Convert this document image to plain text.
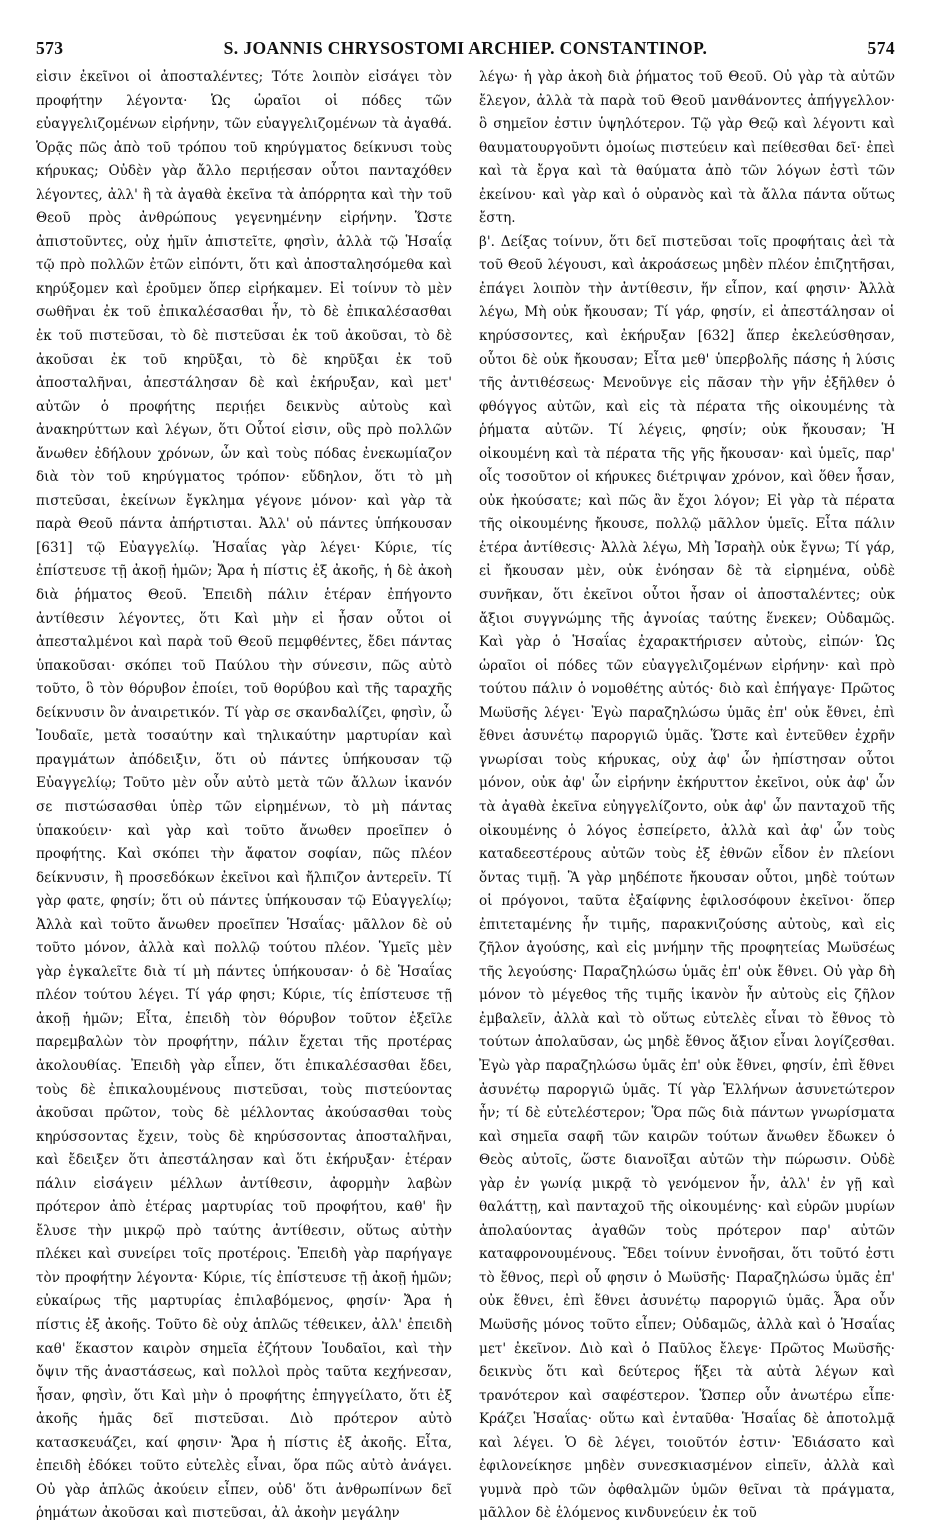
573	S. JOANNIS CHRYSOSTOMI ARCHIEP. CONSTANTINOP.	574

εἰσιν ἐκεῖνοι οἱ ἀποσταλέντες; Τότε λοιπὸν εἰσάγει τὸν προφήτην λέγοντα· Ὡς ὡραῖοι οἱ πόδες τῶν εὐαγγελιζομένων εἰρήνην, τῶν εὐαγγελιζομένων τὰ ἀγαθά. Ὁρᾷς πῶς ἀπὸ τοῦ τρόπου τοῦ κηρύγματος δείκνυσι τοὺς κήρυκας; Οὐδὲν γὰρ ἄλλο περιῄεσαν οὗτοι πανταχόθεν λέγοντες, ἀλλ' ἢ τὰ ἀγαθὰ ἐκεῖνα τὰ ἀπόρρητα καὶ τὴν τοῦ Θεοῦ πρὸς ἀνθρώπους γεγενημένην εἰρήνην. Ὥστε ἀπιστοῦντες, οὐχ ἡμῖν ἀπιστεῖτε, φησὶν, ἀλλὰ τῷ Ἡσαΐᾳ τῷ πρὸ πολλῶν ἐτῶν εἰπόντι, ὅτι καὶ ἀποσταλησόμεθα καὶ κηρύξομεν καὶ ἐροῦμεν ὅπερ εἰρήκαμεν. Εἰ τοίνυν τὸ μὲν σωθῆναι ἐκ τοῦ ἐπικαλέσασθαι ἦν, τὸ δὲ ἐπικαλέσασθαι ἐκ τοῦ πιστεῦσαι, τὸ δὲ πιστεῦσαι ἐκ τοῦ ἀκοῦσαι, τὸ δὲ ἀκοῦσαι ἐκ τοῦ κηρῦξαι, τὸ δὲ κηρῦξαι ἐκ τοῦ ἀποσταλῆναι, ἀπεστάλησαν δὲ καὶ ἐκήρυξαν, καὶ μετ' αὐτῶν ὁ προφήτης περιῄει δεικνὺς αὐτοὺς καὶ ἀνακηρύττων καὶ λέγων, ὅτι Οὗτοί εἰσιν, οὓς πρὸ πολλῶν ἄνωθεν ἐδήλουν χρόνων, ὧν καὶ τοὺς πόδας ἐνεκωμίαζον διὰ τὸν τοῦ κηρύγματος τρόπον· εὔδηλον, ὅτι τὸ μὴ πιστεῦσαι, ἐκείνων ἔγκλημα γέγονε μόνον· καὶ γὰρ τὰ παρὰ Θεοῦ πάντα ἀπήρτισται. Ἀλλ' οὐ πάντες ὑπήκουσαν [631] τῷ Εὐαγγελίῳ. Ἡσαΐας γὰρ λέγει· Κύριε, τίς ἐπίστευσε τῇ ἀκοῇ ἡμῶν; Ἄρα ἡ πίστις ἐξ ἀκοῆς, ἡ δὲ ἀκοὴ διὰ ῥήματος Θεοῦ. Ἐπειδὴ πάλιν ἑτέραν ἐπήγοντο ἀντίθεσιν λέγοντες, ὅτι Καὶ μὴν εἰ ἦσαν οὗτοι οἱ ἀπεσταλμένοι καὶ παρὰ τοῦ Θεοῦ πεμφθέντες, ἔδει πάντας ὑπακοῦσαι· σκόπει τοῦ Παύλου τὴν σύνεσιν, πῶς αὐτὸ τοῦτο, ὃ τὸν θόρυβον ἐποίει, τοῦ θορύβου καὶ τῆς ταραχῆς δείκνυσιν ὂν ἀναιρετικόν. Τί γὰρ σε σκανδαλίζει, φησὶν, ὦ Ἰουδαῖε, μετὰ τοσαύτην καὶ τηλικαύτην μαρτυρίαν καὶ πραγμάτων ἀπόδειξιν, ὅτι οὐ πάντες ὑπήκουσαν τῷ Εὐαγγελίῳ; Τοῦτο μὲν οὖν αὐτὸ μετὰ τῶν ἄλλων ἱκανόν σε πιστώσασθαι ὑπὲρ τῶν εἰρημένων, τὸ μὴ πάντας ὑπακούειν· καὶ γὰρ καὶ τοῦτο ἄνωθεν προεῖπεν ὁ προφήτης. Καὶ σκόπει τὴν ἄφατον σοφίαν, πῶς πλέον δείκνυσιν, ἢ προσεδόκων ἐκεῖνοι καὶ ἤλπιζον ἀντερεῖν. Τί γὰρ φατε, φησίν; ὅτι οὐ πάντες ὑπήκουσαν τῷ Εὐαγγελίῳ; Ἀλλὰ καὶ τοῦτο ἄνωθεν προεῖπεν Ἡσαΐας· μᾶλλον δὲ οὐ τοῦτο μόνον, ἀλλὰ καὶ πολλῷ τούτου πλέον. Ὑμεῖς μὲν γὰρ ἐγκαλεῖτε διὰ τί μὴ πάντες ὑπήκουσαν· ὁ δὲ Ἡσαΐας πλέον τούτου λέγει. Τί γάρ φησι; Κύριε, τίς ἐπίστευσε τῇ ἀκοῇ ἡμῶν; Εἶτα, ἐπειδὴ τὸν θόρυβον τοῦτον ἐξεῖλε παρεμβαλὼν τὸν προφήτην, πάλιν ἔχεται τῆς προτέρας ἀκολουθίας. Ἐπειδὴ γὰρ εἶπεν, ὅτι ἐπικαλέσασθαι ἔδει, τοὺς δὲ ἐπικαλουμένους πιστεῦσαι, τοὺς πιστεύοντας ἀκοῦσαι πρῶτον, τοὺς δὲ μέλλοντας ἀκούσασθαι τοὺς κηρύσσοντας ἔχειν, τοὺς δὲ κηρύσσοντας ἀποσταλῆναι, καὶ ἔδειξεν ὅτι ἀπεστάλησαν καὶ ὅτι ἐκήρυξαν· ἑτέραν πάλιν εἰσάγειν μέλλων ἀντίθεσιν, ἀφορμὴν λαβὼν πρότερον ἀπὸ ἑτέρας μαρτυρίας τοῦ προφήτου, καθ' ἣν ἔλυσε τὴν μικρῷ πρὸ ταύτης ἀντίθεσιν, οὕτως αὐτὴν πλέκει καὶ συνείρει τοῖς προτέροις. Ἐπειδὴ γὰρ παρήγαγε τὸν προφήτην λέγοντα· Κύριε, τίς ἐπίστευσε τῇ ἀκοῇ ἡμῶν; εὐκαίρως τῆς μαρτυρίας ἐπιλαβόμενος, φησίν· Ἄρα ἡ πίστις ἐξ ἀκοῆς. Τοῦτο δὲ οὐχ ἁπλῶς τέθεικεν, ἀλλ' ἐπειδὴ καθ' ἕκαστον καιρὸν σημεῖα ἐζήτουν Ἰουδαῖοι, καὶ τὴν ὄψιν τῆς ἀναστάσεως, καὶ πολλοὶ πρὸς ταῦτα κεχήνεσαν, ἦσαν, φησὶν, ὅτι Καὶ μὴν ὁ προφήτης ἐπηγγείλατο, ὅτι ἐξ ἀκοῆς ἡμᾶς δεῖ πιστεῦσαι. Διὸ πρότερον αὐτὸ κατασκευάζει, καί φησιν· Ἄρα ἡ πίστις ἐξ ἀκοῆς. Εἶτα, ἐπειδὴ ἐδόκει τοῦτο εὐτελὲς εἶναι, ὅρα πῶς αὐτὸ ἀνάγει. Οὐ γὰρ ἁπλῶς ἀκούειν εἶπεν, οὐδ' ὅτι ἀνθρωπίνων δεῖ ῥημάτων ἀκοῦσαι καὶ πιστεῦσαι, ἀλ ἀκοὴν μεγάλην

λέγω· ἡ γὰρ ἀκοὴ διὰ ῥήματος τοῦ Θεοῦ. Οὐ γὰρ τὰ αὐτῶν ἔλεγον, ἀλλὰ τὰ παρὰ τοῦ Θεοῦ μανθάνοντες ἀπήγγελλον· ὃ σημεῖον ἐστιν ὑψηλότερον. Τῷ γὰρ Θεῷ καὶ λέγοντι καὶ θαυματουργοῦντι ὁμοίως πιστεύειν καὶ πείθεσθαι δεῖ· ἐπεὶ καὶ τὰ ἔργα καὶ τὰ θαύματα ἀπὸ τῶν λόγων ἐστὶ τῶν ἐκείνου· καὶ γὰρ καὶ ὁ οὐρανὸς καὶ τὰ ἄλλα πάντα οὕτως ἔστη.

β'. Δείξας τοίνυν, ὅτι δεῖ πιστεῦσαι τοῖς προφήταις ἀεὶ τὰ τοῦ Θεοῦ λέγουσι, καὶ ἀκροάσεως μηδὲν πλέον ἐπιζητῆσαι, ἐπάγει λοιπὸν τὴν ἀντίθεσιν, ἥν εἶπον, καί φησιν· Ἀλλὰ λέγω, Μὴ οὐκ ἤκουσαν; Τί γάρ, φησίν, εἰ ἀπεστάλησαν οἱ κηρύσσοντες, καὶ ἐκήρυξαν [632] ἅπερ ἐκελεύσθησαν, οὗτοι δὲ οὐκ ἤκουσαν; Εἶτα μεθ' ὑπερβολῆς πάσης ἡ λύσις τῆς ἀντιθέσεως· Μενοῦνγε εἰς πᾶσαν τὴν γῆν ἐξῆλθεν ὁ φθόγγος αὐτῶν, καὶ εἰς τὰ πέρατα τῆς οἰκουμένης τὰ ῥήματα αὐτῶν. Τί λέγεις, φησίν; οὐκ ἤκουσαν; Ἡ οἰκουμένη καὶ τὰ πέρατα τῆς γῆς ἤκουσαν· καὶ ὑμεῖς, παρ' οἷς τοσοῦτον οἱ κήρυκες διέτριψαν χρόνον, καὶ ὅθεν ἦσαν, οὐκ ἠκούσατε; καὶ πῶς ἂν ἔχοι λόγον; Εἰ γὰρ τὰ πέρατα τῆς οἰκουμένης ἤκουσε, πολλῷ μᾶλλον ὑμεῖς. Εἶτα πάλιν ἑτέρα ἀντίθεσις· Ἀλλὰ λέγω, Μὴ Ἰσραὴλ οὐκ ἔγνω; Τί γάρ, εἰ ἤκουσαν μὲν, οὐκ ἐνόησαν δὲ τὰ εἰρημένα, οὐδὲ συνῆκαν, ὅτι ἐκεῖνοι οὗτοι ἦσαν οἱ ἀποσταλέντες; οὐκ ἄξιοι συγγνώμης τῆς ἀγνοίας ταύτης ἕνεκεν; Οὐδαμῶς. Καὶ γὰρ ὁ Ἡσαΐας ἐχαρακτήρισεν αὐτοὺς, εἰπών· Ὡς ὡραῖοι οἱ πόδες τῶν εὐαγγελιζομένων εἰρήνην· καὶ πρὸ τούτου πάλιν ὁ νομοθέτης αὐτός· διὸ καὶ ἐπήγαγε· Πρῶτος Μωϋσῆς λέγει· Ἐγὼ παραζηλώσω ὑμᾶς ἐπ' οὐκ ἔθνει, ἐπὶ ἔθνει ἀσυνέτῳ παροργιῶ ὑμᾶς. Ὥστε καὶ ἐντεῦθεν ἐχρῆν γνωρίσαι τοὺς κήρυκας, οὐχ ἀφ' ὧν ἠπίστησαν οὗτοι μόνον, οὐκ ἀφ' ὧν εἰρήνην ἐκήρυττον ἐκεῖνοι, οὐκ ἀφ' ὧν τὰ ἀγαθὰ ἐκεῖνα εὐηγγελίζοντο, οὐκ ἀφ' ὧν πανταχοῦ τῆς οἰκουμένης ὁ λόγος ἐσπείρετο, ἀλλὰ καὶ ἀφ' ὧν τοὺς καταδεεστέρους αὐτῶν τοὺς ἐξ ἐθνῶν εἶδον ἐν πλείονι ὄντας τιμῇ. Ἃ γὰρ μηδέποτε ἤκουσαν οὗτοι, μηδὲ τούτων οἱ πρόγονοι, ταῦτα ἐξαίφνης ἐφιλοσόφουν ἐκεῖνοι· ὅπερ ἐπιτεταμένης ἦν τιμῆς, παρακνιζούσης αὐτοὺς, καὶ εἰς ζῆλον ἀγούσης, καὶ εἰς μνήμην τῆς προφητείας Μωϋσέως τῆς λεγούσης· Παραζηλώσω ὑμᾶς ἐπ' οὐκ ἔθνει. Οὐ γὰρ δὴ μόνον τὸ μέγεθος τῆς τιμῆς ἱκανὸν ἦν αὐτοὺς εἰς ζῆλον ἐμβαλεῖν, ἀλλὰ καὶ τὸ οὕτως εὐτελὲς εἶναι τὸ ἔθνος τὸ τούτων ἀπολαῦσαν, ὡς μηδὲ ἔθνος ἄξιον εἶναι λογίζεσθαι. Ἐγὼ γὰρ παραζηλώσω ὑμᾶς ἐπ' οὐκ ἔθνει, φησίν, ἐπὶ ἔθνει ἀσυνέτῳ παροργιῶ ὑμᾶς. Τί γὰρ Ἑλλήνων ἀσυνετώτερον ἦν; τί δὲ εὐτελέστερον; Ὅρα πῶς διὰ πάντων γνωρίσματα καὶ σημεῖα σαφῆ τῶν καιρῶν τούτων ἄνωθεν ἔδωκεν ὁ Θεὸς αὐτοῖς, ὥστε διανοῖξαι αὐτῶν τὴν πώρωσιν. Οὐδὲ γὰρ ἐν γωνίᾳ μικρᾷ τὸ γενόμενον ἦν, ἀλλ' ἐν γῇ καὶ θαλάττῃ, καὶ πανταχοῦ τῆς οἰκουμένης· καὶ εὑρῶν μυρίων ἀπολαύοντας ἀγαθῶν τοὺς πρότερον παρ' αὐτῶν καταφρονουμένους. Ἔδει τοίνυν ἐννοῆσαι, ὅτι τοῦτό ἐστι τὸ ἔθνος, περὶ οὗ φησιν ὁ Μωϋσῆς· Παραζηλώσω ὑμᾶς ἐπ' οὐκ ἔθνει, ἐπὶ ἔθνει ἀσυνέτῳ παροργιῶ ὑμᾶς. Ἆρα οὖν Μωϋσῆς μόνος τοῦτο εἶπεν; Οὐδαμῶς, ἀλλὰ καὶ ὁ Ἡσαΐας μετ' ἐκεῖνον. Διὸ καὶ ὁ Παῦλος ἔλεγε· Πρῶτος Μωϋσῆς· δεικνὺς ὅτι καὶ δεύτερος ἥξει τὰ αὐτὰ λέγων καὶ τρανότερον καὶ σαφέστερον. Ὥσπερ οὖν ἀνωτέρω εἶπε· Κράζει Ἡσαΐας· οὕτω καὶ ἐνταῦθα· Ἡσαΐας δὲ ἀποτολμᾷ καὶ λέγει. Ὁ δὲ λέγει, τοιοῦτόν ἐστιν· Ἐδιάσατο καὶ ἐφιλονείκησε μηδὲν συνεσκιασμένον εἰπεῖν, ἀλλὰ καὶ γυμνὰ πρὸ τῶν ὀφθαλμῶν ὑμῶν θεῖναι τὰ πράγματα, μᾶλλον δὲ ἑλόμενος κινδυνεύειν ἐκ τοῦ
